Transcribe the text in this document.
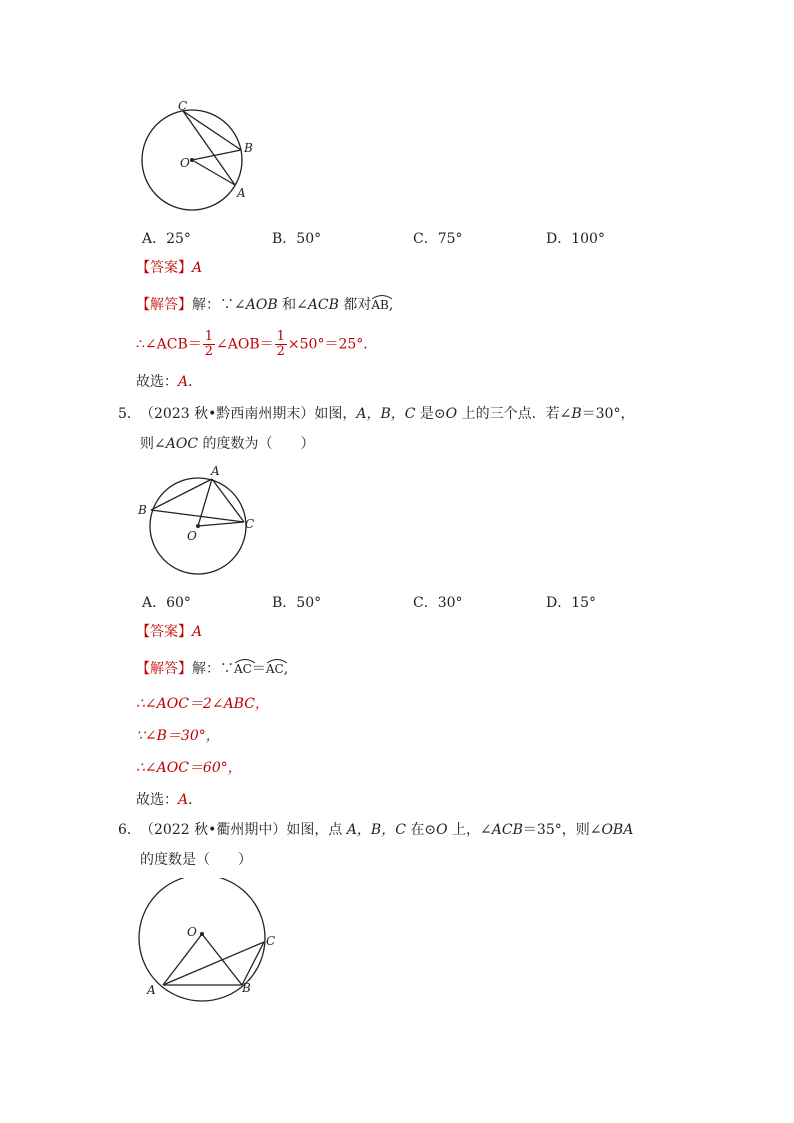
C
O
B
A
A．25°	B．50°	C．75°	D．100°
【答案】A
【解答】解：∵∠AOB 和∠ACB 都对
AB,
∴∠ACB＝ $\frac{1}{2}$ ∠AOB＝ $\frac{1}{2} \times 50^\circ=25^\circ$．
故选：A．
5． （2023 秋•黔西南州期末）如图，A，B，C 是⊙O 上的三个点．若∠B＝30°，
则∠AOC 的度数为（　　）
A
B
C
O
A．60°	B．50°	C．30°	D．15°
【答案】A
【解答】解：∵
AC＝
AC,
∴∠AOC＝2∠ABC，
∵∠B＝30°，
∴∠AOC＝60°，
故选：A．
6． （2022 秋•衢州期中）如图，点 A，B，C 在⊙O 上，∠ACB＝35°，则∠OBA
的度数是（　　）
O
C
A	B
